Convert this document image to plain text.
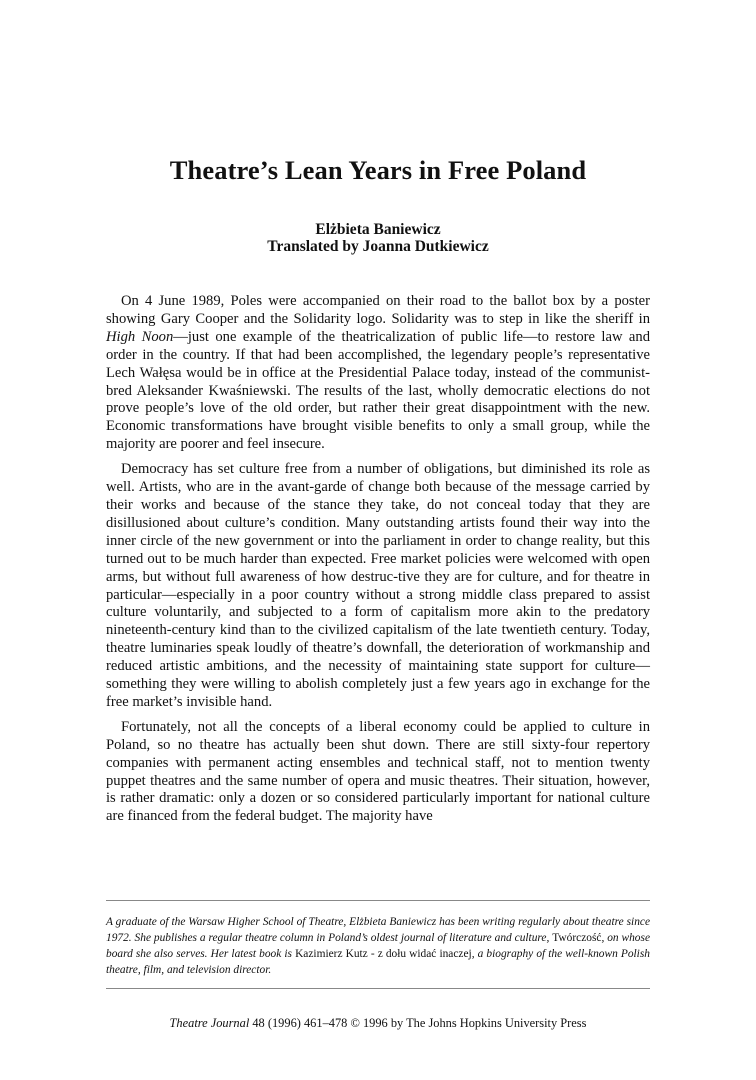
Theatre’s Lean Years in Free Poland
Elżbieta Baniewicz
Translated by Joanna Dutkiewicz

On 4 June 1989, Poles were accompanied on their road to the ballot box by a poster showing Gary Cooper and the Solidarity logo. Solidarity was to step in like the sheriff in High Noon—just one example of the theatricalization of public life—to restore law and order in the country. If that had been accomplished, the legendary people’s representative Lech Wałęsa would be in office at the Presidential Palace today, instead of the communist-bred Aleksander Kwaśniewski. The results of the last, wholly democratic elections do not prove people’s love of the old order, but rather their great disappointment with the new. Economic transformations have brought visible benefits to only a small group, while the majority are poorer and feel insecure.

Democracy has set culture free from a number of obligations, but diminished its role as well. Artists, who are in the avant-garde of change both because of the message carried by their works and because of the stance they take, do not conceal today that they are disillusioned about culture’s condition. Many outstanding artists found their way into the inner circle of the new government or into the parliament in order to change reality, but this turned out to be much harder than expected. Free market policies were welcomed with open arms, but without full awareness of how destruc-tive they are for culture, and for theatre in particular—especially in a poor country without a strong middle class prepared to assist culture voluntarily, and subjected to a form of capitalism more akin to the predatory nineteenth-century kind than to the civilized capitalism of the late twentieth century. Today, theatre luminaries speak loudly of theatre’s downfall, the deterioration of workmanship and reduced artistic ambitions, and the necessity of maintaining state support for culture—something they were willing to abolish completely just a few years ago in exchange for the free market’s invisible hand.

Fortunately, not all the concepts of a liberal economy could be applied to culture in Poland, so no theatre has actually been shut down. There are still sixty-four repertory companies with permanent acting ensembles and technical staff, not to mention twenty puppet theatres and the same number of opera and music theatres. Their situation, however, is rather dramatic: only a dozen or so considered particularly important for national culture are financed from the federal budget. The majority have

A graduate of the Warsaw Higher School of Theatre, Elżbieta Baniewicz has been writing regularly about theatre since 1972. She publishes a regular theatre column in Poland’s oldest journal of literature and culture, Twórczość, on whose board she also serves. Her latest book is Kazimierz Kutz - z dołu widać inaczej, a biography of the well-known Polish theatre, film, and television director.
Theatre Journal 48 (1996) 461–478 © 1996 by The Johns Hopkins University Press
